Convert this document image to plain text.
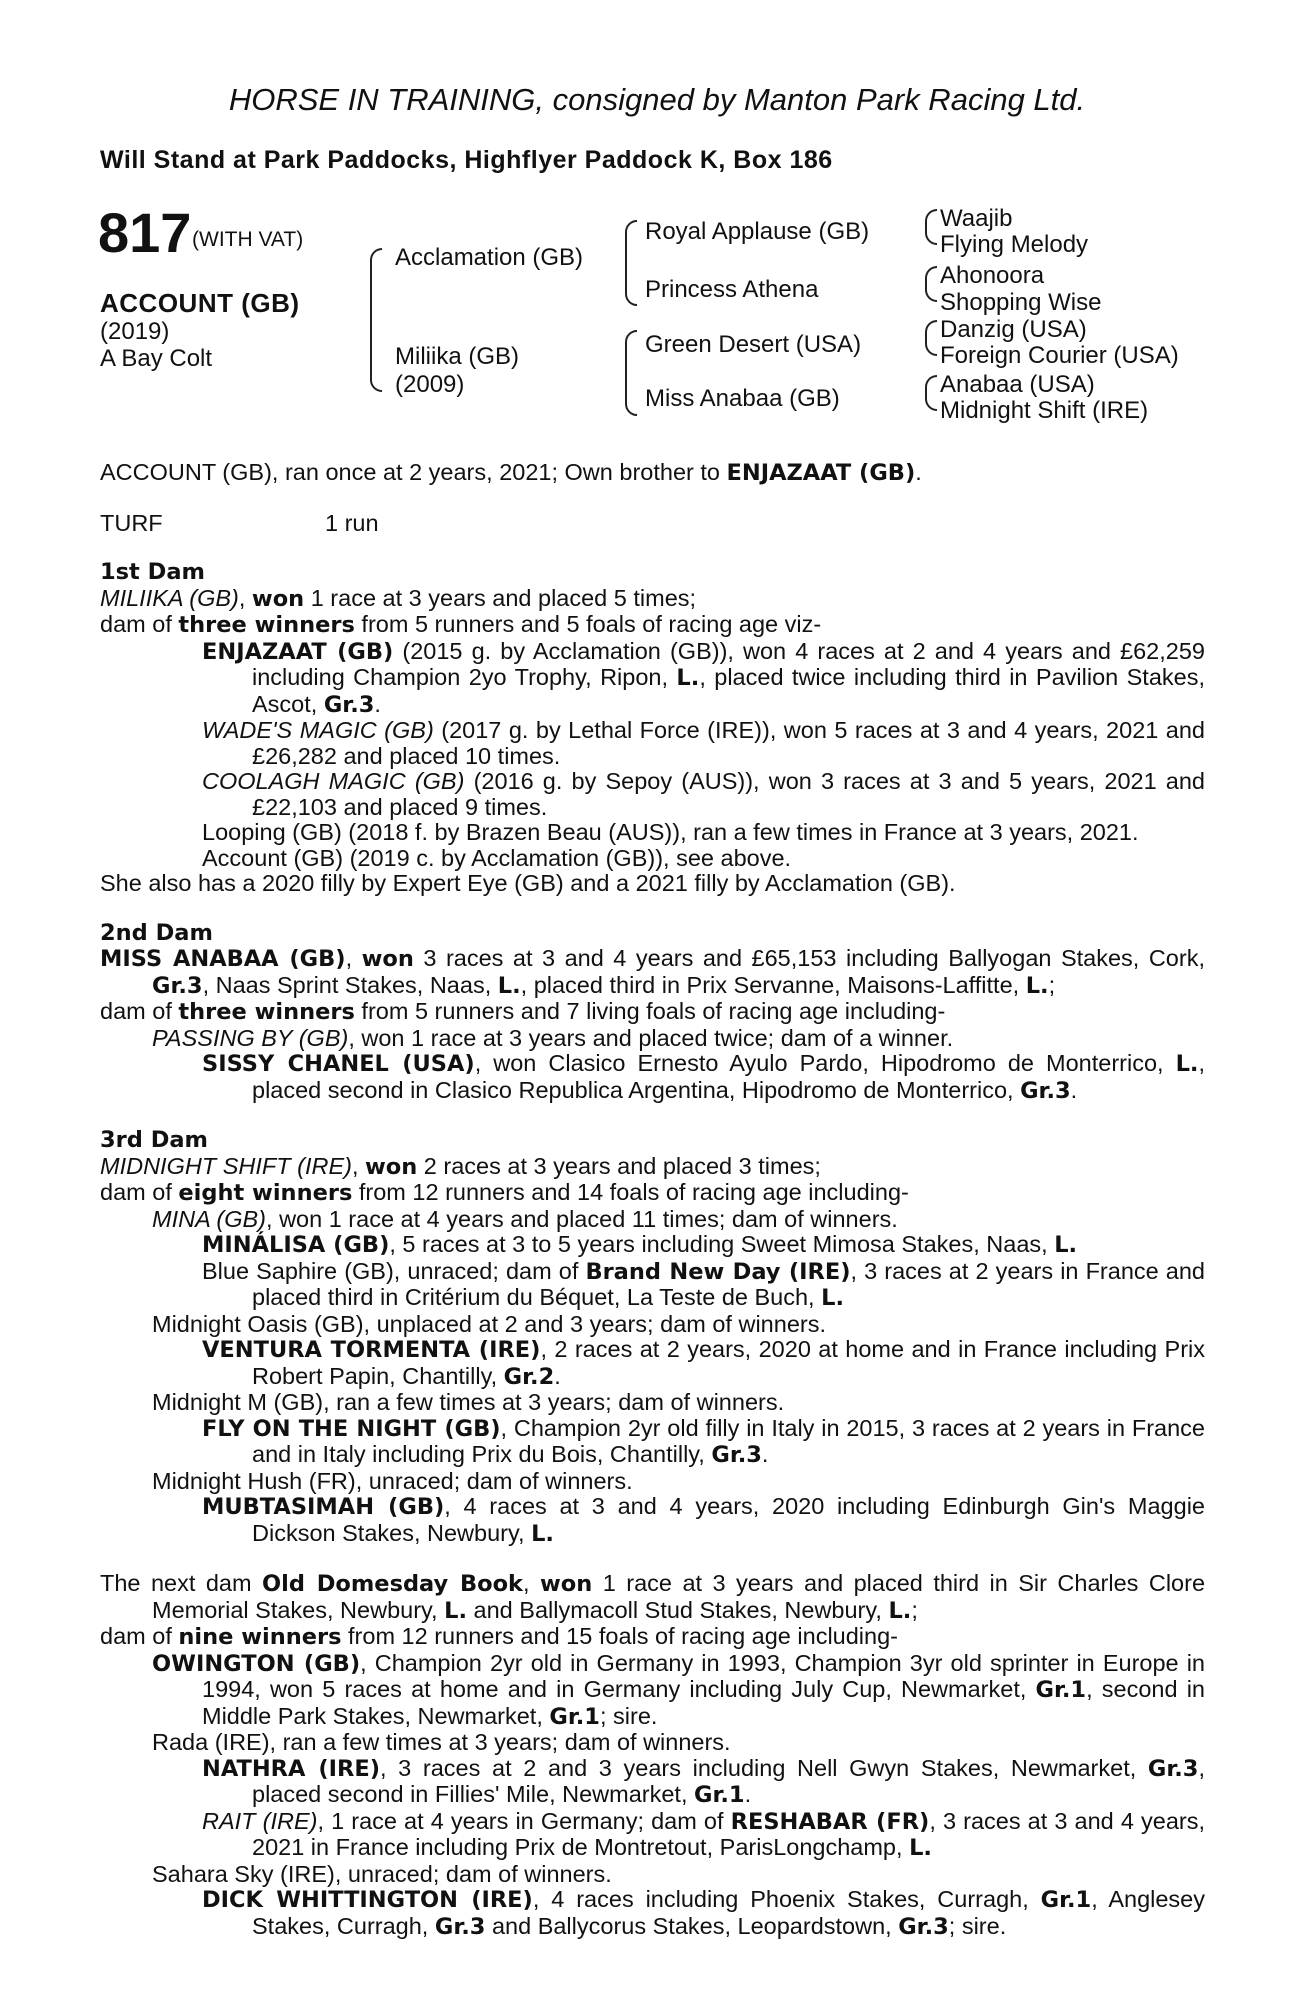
HORSE IN TRAINING, consigned by Manton Park Racing Ltd.
Will Stand at Park Paddocks, Highflyer Paddock K, Box 186
817 (WITH VAT)
ACCOUNT (GB)
(2019)
A Bay Colt
Acclamation (GB)
Miliika (GB)
(2009)
Royal Applause (GB)
Princess Athena
Green Desert (USA)
Miss Anabaa (GB)
Waajib
Flying Melody
Ahonoora
Shopping Wise
Danzig (USA)
Foreign Courier (USA)
Anabaa (USA)
Midnight Shift (IRE)

ACCOUNT (GB), ran once at 2 years, 2021; Own brother to ENJAZAAT (GB).

TURF	1 run

1st Dam

MILIIKA (GB), won 1 race at 3 years and placed 5 times;

dam of three winners from 5 runners and 5 foals of racing age viz-

ENJAZAAT (GB) (2015 g. by Acclamation (GB)), won 4 races at 2 and 4 years and £62,259 including Champion 2yo Trophy, Ripon, L., placed twice including third in Pavilion Stakes, Ascot, Gr.3.

WADE'S MAGIC (GB) (2017 g. by Lethal Force (IRE)), won 5 races at 3 and 4 years, 2021 and £26,282 and placed 10 times.

COOLAGH MAGIC (GB) (2016 g. by Sepoy (AUS)), won 3 races at 3 and 5 years, 2021 and £22,103 and placed 9 times.

Looping (GB) (2018 f. by Brazen Beau (AUS)), ran a few times in France at 3 years, 2021.

Account (GB) (2019 c. by Acclamation (GB)), see above.

She also has a 2020 filly by Expert Eye (GB) and a 2021 filly by Acclamation (GB).

2nd Dam

MISS ANABAA (GB), won 3 races at 3 and 4 years and £65,153 including Ballyogan Stakes, Cork, Gr.3, Naas Sprint Stakes, Naas, L., placed third in Prix Servanne, Maisons-Laffitte, L.;

dam of three winners from 5 runners and 7 living foals of racing age including-

PASSING BY (GB), won 1 race at 3 years and placed twice; dam of a winner.

SISSY CHANEL (USA), won Clasico Ernesto Ayulo Pardo, Hipodromo de Monterrico, L., placed second in Clasico Republica Argentina, Hipodromo de Monterrico, Gr.3.

3rd Dam

MIDNIGHT SHIFT (IRE), won 2 races at 3 years and placed 3 times;

dam of eight winners from 12 runners and 14 foals of racing age including-

MINA (GB), won 1 race at 4 years and placed 11 times; dam of winners.

MINÁLISA (GB), 5 races at 3 to 5 years including Sweet Mimosa Stakes, Naas, L.

Blue Saphire (GB), unraced; dam of Brand New Day (IRE), 3 races at 2 years in France and placed third in Critérium du Béquet, La Teste de Buch, L.

Midnight Oasis (GB), unplaced at 2 and 3 years; dam of winners.

VENTURA TORMENTA (IRE), 2 races at 2 years, 2020 at home and in France including Prix Robert Papin, Chantilly, Gr.2.

Midnight M (GB), ran a few times at 3 years; dam of winners.

FLY ON THE NIGHT (GB), Champion 2yr old filly in Italy in 2015, 3 races at 2 years in France and in Italy including Prix du Bois, Chantilly, Gr.3.

Midnight Hush (FR), unraced; dam of winners.

MUBTASIMAH (GB), 4 races at 3 and 4 years, 2020 including Edinburgh Gin's Maggie Dickson Stakes, Newbury, L.

The next dam Old Domesday Book, won 1 race at 3 years and placed third in Sir Charles Clore Memorial Stakes, Newbury, L. and Ballymacoll Stud Stakes, Newbury, L.;

dam of nine winners from 12 runners and 15 foals of racing age including-

OWINGTON (GB), Champion 2yr old in Germany in 1993, Champion 3yr old sprinter in Europe in 1994, won 5 races at home and in Germany including July Cup, Newmarket, Gr.1, second in Middle Park Stakes, Newmarket, Gr.1; sire.

Rada (IRE), ran a few times at 3 years; dam of winners.

NATHRA (IRE), 3 races at 2 and 3 years including Nell Gwyn Stakes, Newmarket, Gr.3, placed second in Fillies' Mile, Newmarket, Gr.1.

RAIT (IRE), 1 race at 4 years in Germany; dam of RESHABAR (FR), 3 races at 3 and 4 years, 2021 in France including Prix de Montretout, ParisLongchamp, L.

Sahara Sky (IRE), unraced; dam of winners.

DICK WHITTINGTON (IRE), 4 races including Phoenix Stakes, Curragh, Gr.1, Anglesey Stakes, Curragh, Gr.3 and Ballycorus Stakes, Leopardstown, Gr.3; sire.
